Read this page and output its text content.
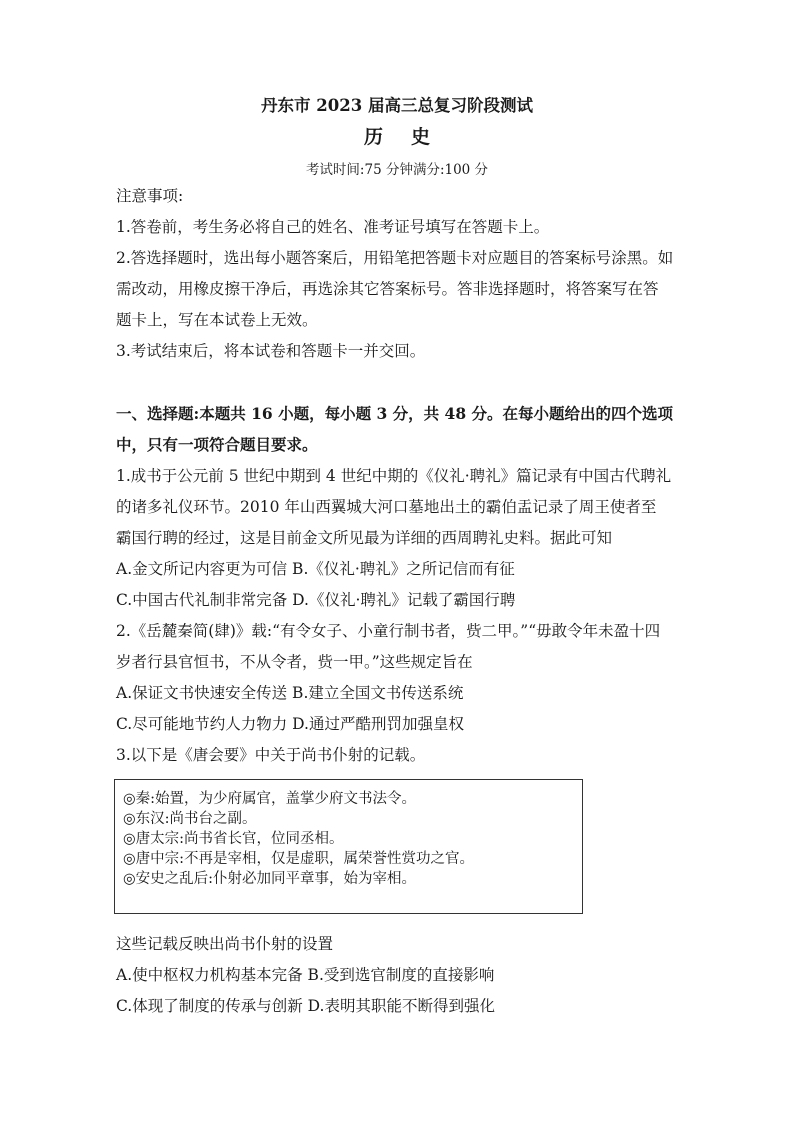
丹东市 2023 届高三总复习阶段测试
历史
考试时间:75 分钟满分:100 分
注意事项:
1.答卷前，考生务必将自己的姓名、准考证号填写在答题卡上。
2.答选择题时，选出每小题答案后，用铅笔把答题卡对应题目的答案标号涂黑。如
需改动，用橡皮擦干净后，再选涂其它答案标号。答非选择题时，将答案写在答
题卡上，写在本试卷上无效。
3.考试结束后，将本试卷和答题卡一并交回。
一、选择题:本题共 16 小题，每小题 3 分，共 48 分。在每小题给出的四个选项
中，只有一项符合题目要求。
1.成书于公元前 5 世纪中期到 4 世纪中期的《仪礼·聘礼》篇记录有中国古代聘礼
的诸多礼仪环节。2010 年山西翼城大河口墓地出土的霸伯盂记录了周王使者至
霸国行聘的经过，这是目前金文所见最为详细的西周聘礼史料。据此可知
A.金文所记内容更为可信 B.《仪礼·聘礼》之所记信而有征
C.中国古代礼制非常完备 D.《仪礼·聘礼》记载了霸国行聘
2.《岳麓秦简(肆)》载:“有令女子、小童行制书者，赀二甲。”“毋敢令年未盈十四
岁者行县官恒书，不从令者，赀一甲。”这些规定旨在
A.保证文书快速安全传送 B.建立全国文书传送系统
C.尽可能地节约人力物力 D.通过严酷刑罚加强皇权
3.以下是《唐会要》中关于尚书仆射的记载。
◎秦:始置，为少府属官，盖掌少府文书法令。
◎东汉:尚书台之副。
◎唐太宗:尚书省长官，位同丞相。
◎唐中宗:不再是宰相，仅是虚职，属荣誉性赏功之官。
◎安史之乱后:仆射必加同平章事，始为宰相。
这些记载反映出尚书仆射的设置
A.使中枢权力机构基本完备 B.受到选官制度的直接影响
C.体现了制度的传承与创新 D.表明其职能不断得到强化
